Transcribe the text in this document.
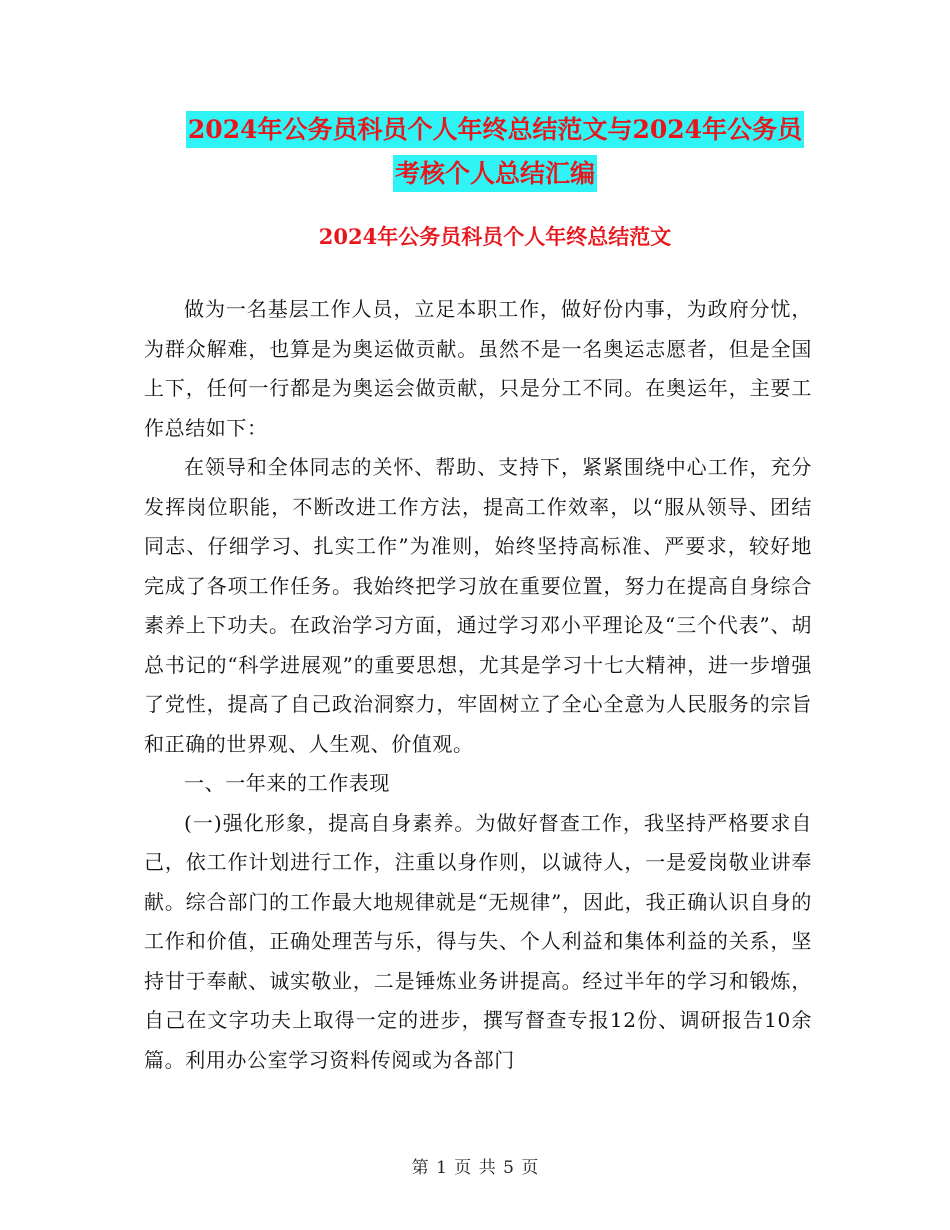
2024年公务员科员个人年终总结范文与2024年公务员
考核个人总结汇编
2024年公务员科员个人年终总结范文

做为一名基层工作人员，立足本职工作，做好份内事，为政府分忧，为群众解难，也算是为奥运做贡献。虽然不是一名奥运志愿者，但是全国上下，任何一行都是为奥运会做贡献，只是分工不同。在奥运年，主要工作总结如下：

在领导和全体同志的关怀、帮助、支持下，紧紧围绕中心工作，充分发挥岗位职能，不断改进工作方法，提高工作效率，以“服从领导、团结同志、仔细学习、扎实工作”为准则，始终坚持高标准、严要求，较好地完成了各项工作任务。我始终把学习放在重要位置，努力在提高自身综合素养上下功夫。在政治学习方面，通过学习邓小平理论及“三个代表”、胡总书记的“科学进展观”的重要思想，尤其是学习十七大精神，进一步增强了党性，提高了自己政治洞察力，牢固树立了全心全意为人民服务的宗旨和正确的世界观、人生观、价值观。

一、一年来的工作表现

(一)强化形象，提高自身素养。为做好督查工作，我坚持严格要求自己，依工作计划进行工作，注重以身作则，以诚待人，一是爱岗敬业讲奉献。综合部门的工作最大地规律就是“无规律”，因此，我正确认识自身的工作和价值，正确处理苦与乐，得与失、个人利益和集体利益的关系，坚持甘于奉献、诚实敬业，二是锤炼业务讲提高。经过半年的学习和锻炼，自己在文字功夫上取得一定的进步，撰写督查专报12份、调研报告10余篇。利用办公室学习资料传阅或为各部门

第 1 页 共 5 页
